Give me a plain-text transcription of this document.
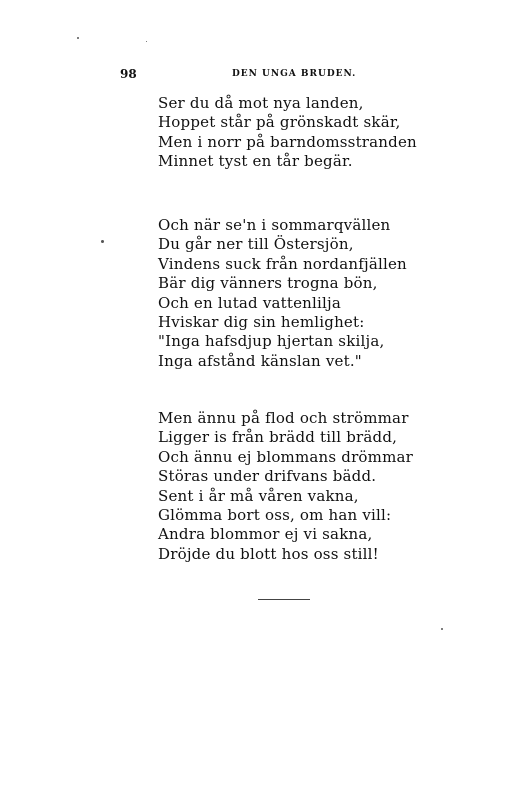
98	DEN UNGA BRUDEN.
Ser du då mot nya landen,
Hoppet står på grönskadt skär,
Men i norr på barndomsstranden
Minnet tyst en tår begär.
Och när se'n i sommarqvällen
Du går ner till Östersjön,
Vindens suck från nordanfjällen
Bär dig vänners trogna bön,
Och en lutad vattenlilja
Hviskar dig sin hemlighet:
"Inga hafsdjup hjertan skilja,
Inga afstånd känslan vet."
Men ännu på flod och strömmar
Ligger is från brädd till brädd,
Och ännu ej blommans drömmar
Störas under drifvans bädd.
Sent i år må våren vakna,
Glömma bort oss, om han vill:
Andra blommor ej vi sakna,
Dröjde du blott hos oss still!
